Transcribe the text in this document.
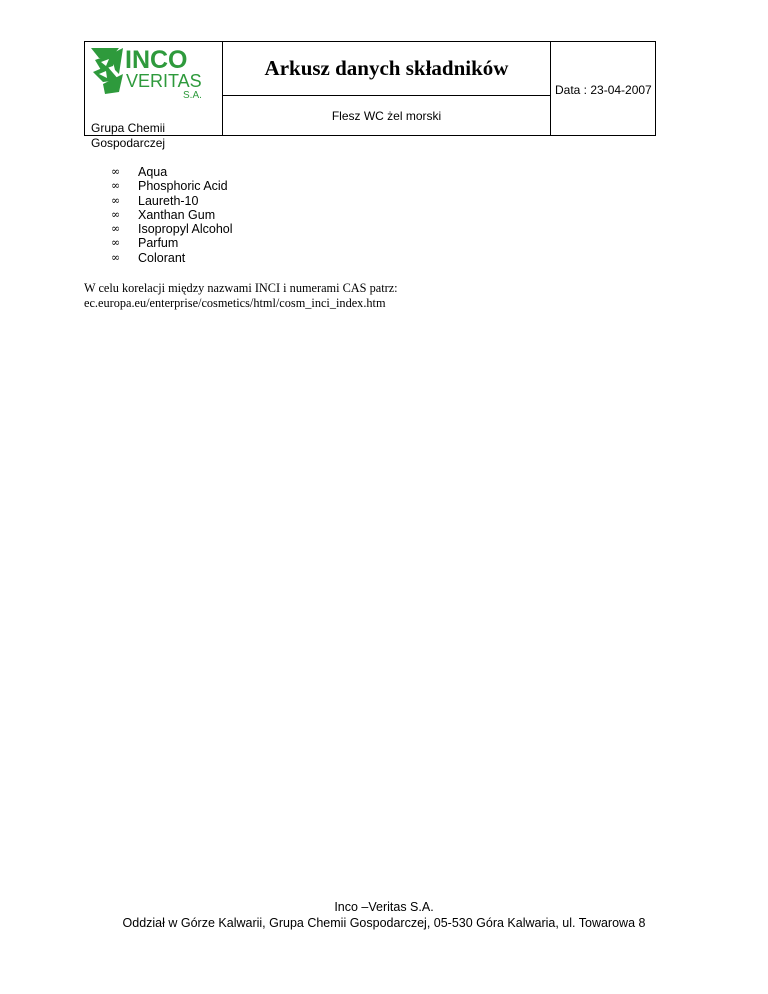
INCO
VERITAS
S.A.
Grupa Chemii
Gospodarczej
Arkusz danych składników
Flesz WC żel morski
Data : 23-04-2007
∞	Aqua
∞	Phosphoric Acid
∞	Laureth-10
∞	Xanthan Gum
∞	Isopropyl Alcohol
∞	Parfum
∞	Colorant
W celu korelacji między nazwami INCI i numerami CAS patrz:
ec.europa.eu/enterprise/cosmetics/html/cosm_inci_index.htm
Inco –Veritas S.A.
Oddział w Górze Kalwarii, Grupa Chemii Gospodarczej, 05-530 Góra Kalwaria, ul. Towarowa 8
